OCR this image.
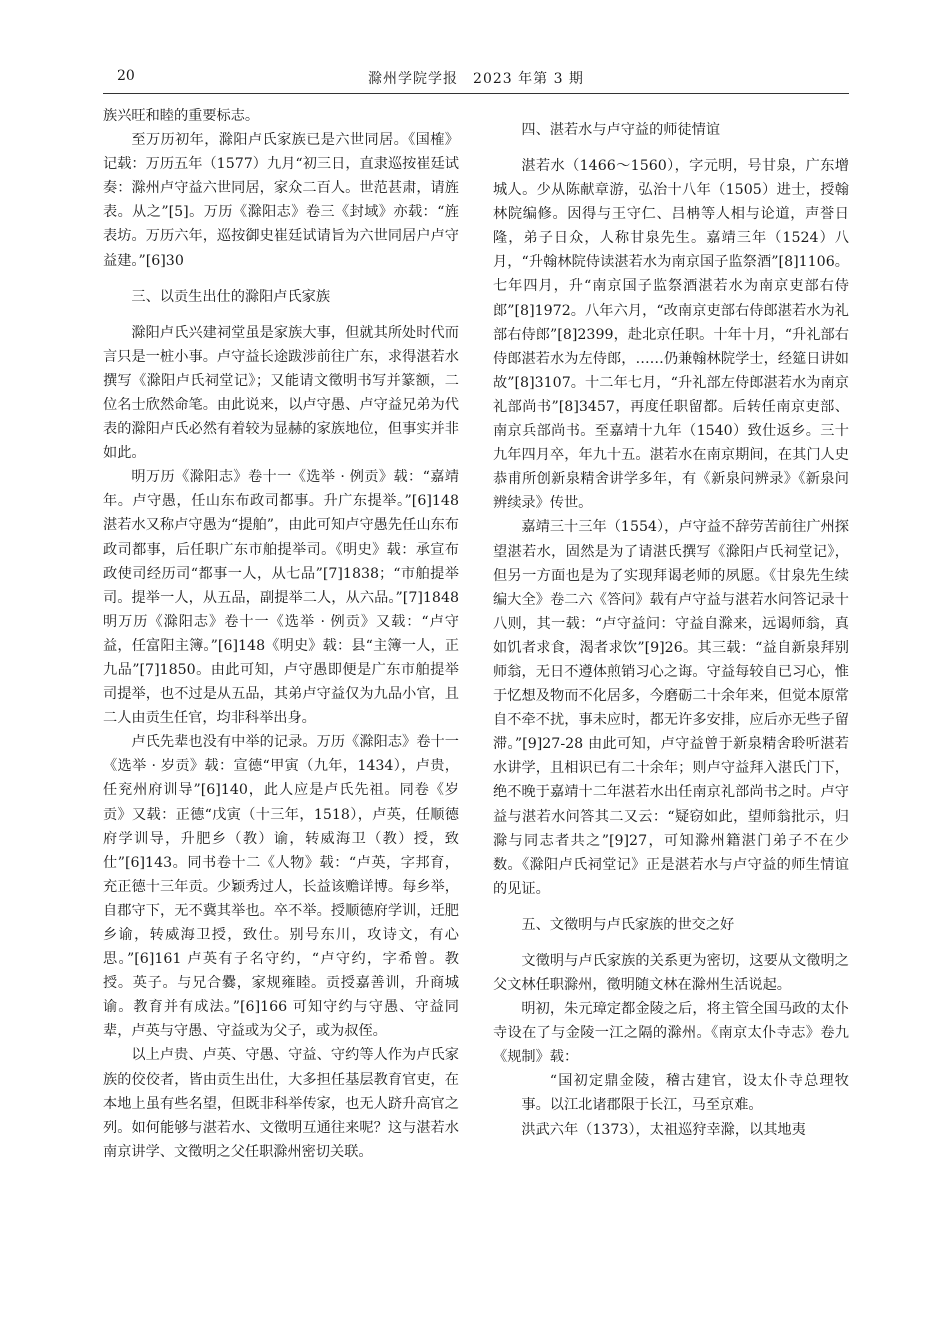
20	滁州学院学报　2023 年第 3 期

族兴旺和睦的重要标志。

至万历初年，滁阳卢氏家族已是六世同居。《国榷》记载：万历五年（1577）九月“初三日，直隶巡按崔廷试奏：滁州卢守益六世同居，家众二百人。世范甚肃，请旌表。从之”[5]。万历《滁阳志》卷三《封域》亦载：“旌表坊。万历六年，巡按御史崔廷试请旨为六世同居户卢守益建。”[6]30

三、以贡生出仕的滁阳卢氏家族

滁阳卢氏兴建祠堂虽是家族大事，但就其所处时代而言只是一桩小事。卢守益长途跋涉前往广东，求得湛若水撰写《滁阳卢氏祠堂记》；又能请文徵明书写并篆额，二位名士欣然命笔。由此说来，以卢守愚、卢守益兄弟为代表的滁阳卢氏必然有着较为显赫的家族地位，但事实并非如此。

明万历《滁阳志》卷十一《选举 · 例贡》载：“嘉靖年。卢守愚，任山东布政司都事。升广东提举。”[6]148 湛若水又称卢守愚为“提舶”，由此可知卢守愚先任山东布政司都事，后任职广东市舶提举司。《明史》载：承宣布政使司经历司“都事一人，从七品”[7]1838；“市舶提举司。提举一人，从五品，副提举二人，从六品。”[7]1848 明万历《滁阳志》卷十一《选举 · 例贡》又载：“卢守益，任富阳主簿。”[6]148《明史》载：县“主簿一人，正九品”[7]1850。由此可知，卢守愚即便是广东市舶提举司提举，也不过是从五品，其弟卢守益仅为九品小官，且二人由贡生任官，均非科举出身。

卢氏先辈也没有中举的记录。万历《滁阳志》卷十一《选举 · 岁贡》载：宣德“甲寅（九年，1434），卢贵，任兖州府训导”[6]140，此人应是卢氏先祖。同卷《岁贡》又载：正德“戊寅（十三年，1518），卢英，任顺德府学训导，升肥乡（教）谕，转威海卫（教）授，致仕”[6]143。同书卷十二《人物》载：“卢英，字邦育，充正德十三年贡。少颖秀过人，长益该赡详博。每乡举，自郡守下，无不冀其举也。卒不举。授顺德府学训，迁肥乡谕，转威海卫授，致仕。别号东川，攻诗文，有心思。”[6]161 卢英有子名守约，“卢守约，字希曾。教授。英子。与兄合爨，家规雍睦。贡授嘉善训，升商城谕。教育并有成法。”[6]166 可知守约与守愚、守益同辈，卢英与守愚、守益或为父子，或为叔侄。

以上卢贵、卢英、守愚、守益、守约等人作为卢氏家族的佼佼者，皆由贡生出仕，大多担任基层教育官吏，在本地上虽有些名望，但既非科举传家，也无人跻升高官之列。如何能够与湛若水、文徵明互通往来呢？这与湛若水南京讲学、文徵明之父任职滁州密切关联。

四、湛若水与卢守益的师徒情谊

湛若水（1466～1560），字元明，号甘泉，广东增城人。少从陈献章游，弘治十八年（1505）进士，授翰林院编修。因得与王守仁、吕柟等人相与论道，声誉日隆，弟子日众，人称甘泉先生。嘉靖三年（1524）八月，“升翰林院侍读湛若水为南京国子监祭酒”[8]1106。七年四月，升“南京国子监祭酒湛若水为南京吏部右侍郎”[8]1972。八年六月，“改南京吏部右侍郎湛若水为礼部右侍郎”[8]2399，赴北京任职。十年十月，“升礼部右侍郎湛若水为左侍郎，……仍兼翰林院学士，经筵日讲如故”[8]3107。十二年七月，“升礼部左侍郎湛若水为南京礼部尚书”[8]3457，再度任职留都。后转任南京吏部、南京兵部尚书。至嘉靖十九年（1540）致仕返乡。三十九年四月卒，年九十五。湛若水在南京期间，在其门人史恭甫所创新泉精舍讲学多年，有《新泉问辨录》《新泉问辨续录》传世。

嘉靖三十三年（1554），卢守益不辞劳苦前往广州探望湛若水，固然是为了请湛氏撰写《滁阳卢氏祠堂记》，但另一方面也是为了实现拜谒老师的夙愿。《甘泉先生续编大全》卷二六《答问》载有卢守益与湛若水问答记录十八则，其一载：“卢守益问：守益自滁来，远谒师翁，真如饥者求食，渴者求饮”[9]26。其三载：“益自新泉拜别师翁，无日不遵体煎销习心之诲。守益每较自已习心，惟于忆想及物而不化居多，今磨砺二十余年来，但觉本原常自不牵不扰，事未应时，都无许多安排，应后亦无些子留滞。”[9]27-28 由此可知，卢守益曾于新泉精舍聆听湛若水讲学，且相识已有二十余年；则卢守益拜入湛氏门下，绝不晚于嘉靖十二年湛若水出任南京礼部尚书之时。卢守益与湛若水问答其二又云：“疑窃如此，望师翁批示，归滁与同志者共之”[9]27，可知滁州籍湛门弟子不在少数。《滁阳卢氏祠堂记》正是湛若水与卢守益的师生情谊的见证。

五、文徵明与卢氏家族的世交之好

文徵明与卢氏家族的关系更为密切，这要从文徵明之父文林任职滁州，徵明随文林在滁州生活说起。

明初，朱元璋定都金陵之后，将主管全国马政的太仆寺设在了与金陵一江之隔的滁州。《南京太仆寺志》卷九《规制》载：

“国初定鼎金陵，稽古建官，设太仆寺总理牧事。以江北诸郡限于长江，马至京难。

洪武六年（1373），太祖巡狩幸滁，以其地夷
